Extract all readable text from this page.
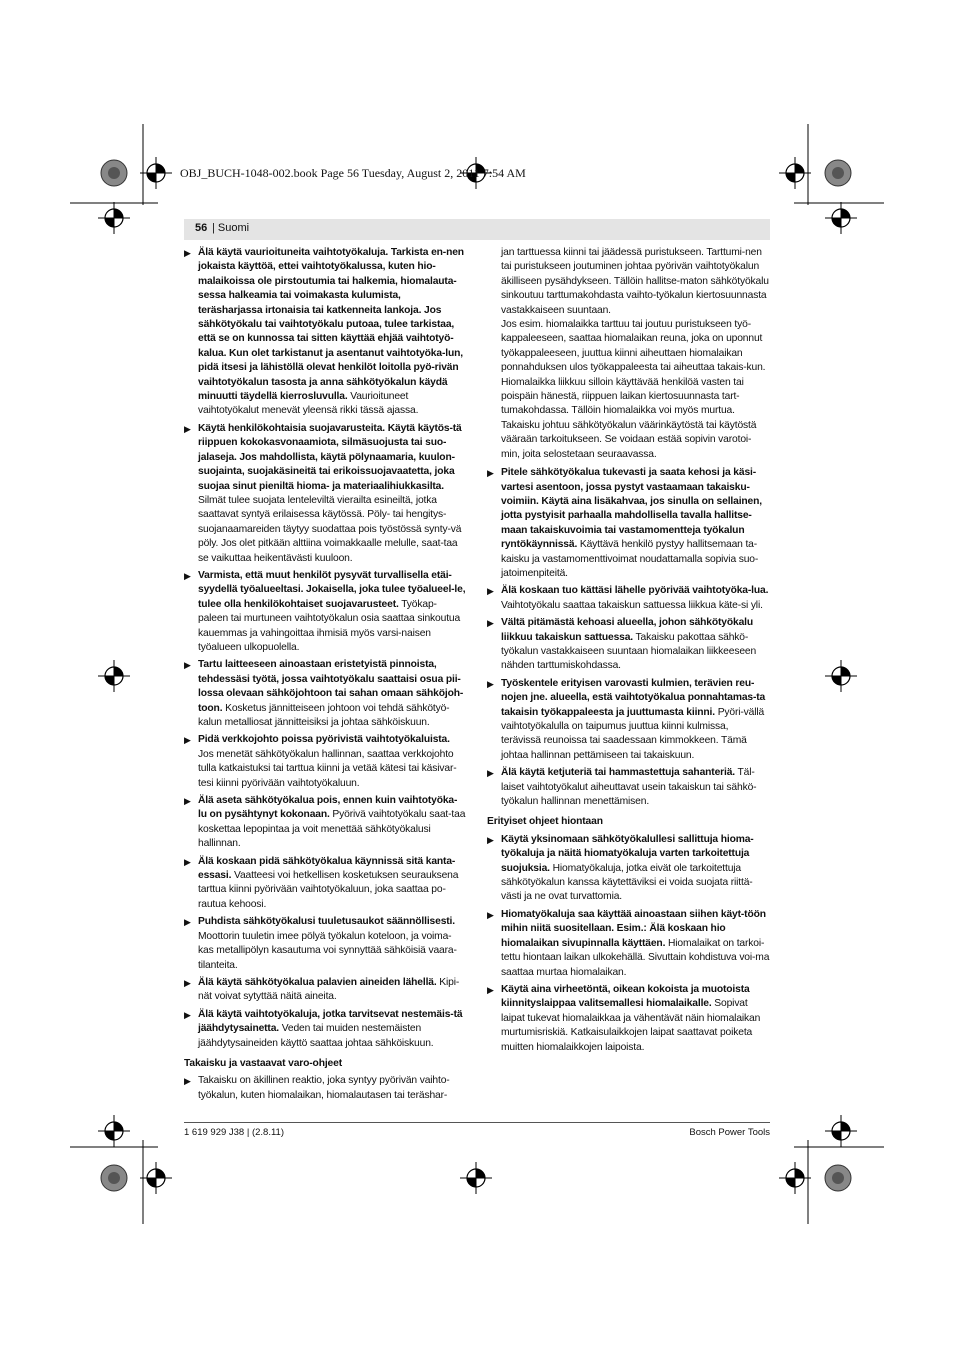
OBJ_BUCH-1048-002.book Page 56 Tuesday, August 2, 2011 7:54 AM
56 | Suomi
▶ Älä käytä vaurioituneita vaihtotyökaluja. Tarkista en-nen jokaista käyttöä, ettei vaihtotyökalussa, kuten hio-malaikoissa ole pirstoutumia tai halkemia, hiomalauta-sessa halkeamia tai voimakasta kulumista, teräsharjassa irtonaisia tai katkenneita lankoja. Jos sähkötyökalu tai vaihtotyökalu putoaa, tulee tarkistaa, että se on kunnossa tai sitten käyttää ehjää vaihtotyö-kalua. Kun olet tarkistanut ja asentanut vaihtotyöka-lun, pidä itsesi ja lähistöllä olevat henkilöt loitolla pyö-rivän vaihtotyökalun tasosta ja anna sähkötyökalun käydä minuutti täydellä kierrosluvulla. Vaurioituneet vaihtotyökalut menevät yleensä rikki tässä ajassa.
▶ Käytä henkilökohtaisia suojavarusteita. Käytä käytös-tä riippuen kokokasvonaamiota, silmäsuojusta tai suo-jalaseja. Jos mahdollista, käytä pölynaamaria, kuulon-suojainta, suojakäsineitä tai erikoissuojavaatetta, joka suojaa sinut pieniltä hioma- ja materiaalihiukkasilta. Silmät tulee suojata lenteleviltä vierailta esineiltä, jotka saattavat syntyä erilaisessa käytössä. Pöly- tai hengitys-suojanaamareiden täytyy suodattaa pois työstössä synty-vä pöly. Jos olet pitkään alttiina voimakkaalle melulle, saat-taa se vaikuttaa heikentävästi kuuloon.
▶ Varmista, että muut henkilöt pysyvät turvallisella etäi-syydellä työalueeltasi. Jokaisella, joka tulee työalueel-le, tulee olla henkilökohtaiset suojavarusteet. Työkap-paleen tai murtuneen vaihtotyökalun osia saattaa sinkoutua kauemmas ja vahingoittaa ihmisiä myös varsi-naisen työalueen ulkopuolella.
▶ Tartu laitteeseen ainoastaan eristetyistä pinnoista, tehdessäsi työtä, jossa vaihtotyökalu saattaisi osua pii-lossa olevaan sähköjohtoon tai sahan omaan sähköjoh-toon. Kosketus jännitteiseen johtoon voi tehdä sähkötyö-kalun metalliosat jännitteisiksi ja johtaa sähköiskuun.
▶ Pidä verkkojohto poissa pyörivistä vaihtotyökaluista. Jos menetät sähkötyökalun hallinnan, saattaa verkkojohto tulla katkaistuksi tai tarttua kiinni ja vetää kätesi tai käsivar-tesi kiinni pyörivään vaihtotyökaluun.
▶ Älä aseta sähkötyökalua pois, ennen kuin vaihtotyöka-lu on pysähtynyt kokonaan. Pyörivä vaihtotyökalu saat-taa koskettaa lepopintaa ja voit menettää sähkötyökalusi hallinnan.
▶ Älä koskaan pidä sähkötyökalua käynnissä sitä kanta-essasi. Vaatteesi voi hetkellisen kosketuksen seurauksena tarttua kiinni pyörivään vaihtotyökaluun, joka saattaa po-rautua kehoosi.
▶ Puhdista sähkötyökalusi tuuletusaukot säännöllisesti. Moottorin tuuletin imee pölyä työkalun koteloon, ja voima-kas metallipölyn kasautuma voi synnyttää sähköisiä vaara-tilanteita.
▶ Älä käytä sähkötyökalua palavien aineiden lähellä. Kipi-nät voivat sytyttää näitä aineita.
▶ Älä käytä vaihtotyökaluja, jotka tarvitsevat nestemäis-tä jäähdytysainetta. Veden tai muiden nestemäisten jäähdytysaineiden käyttö saattaa johtaa sähköiskuun.
Takaisku ja vastaavat varo-ohjeet
▶ Takaisku on äkillinen reaktio, joka syntyy pyörivän vaihto-työkalun, kuten hiomalaikan, hiomalautasen tai teräshar-
jan tarttuessa kiinni tai jäädessä puristukseen. Tarttumi-nen tai puristukseen joutuminen johtaa pyörivän vaihtotyökalun äkilliseen pysähdykseen. Tällöin hallitse-maton sähkötyökalu sinkoutuu tarttumakohdasta vaihto-työkalun kiertosuunnasta vastakkaiseen suuntaan.
Jos esim. hiomalaikka tarttuu tai joutuu puristukseen työ-kappaleeseen, saattaa hiomalaikan reuna, joka on uponnut työkappaleeseen, juuttua kiinni aiheuttaen hiomalaikan ponnahduksen ulos työkappaleesta tai aiheuttaa takais-kun. Hiomalaikka liikkuu silloin käyttävää henkilöä vasten tai poispäin hänestä, riippuen laikan kiertosuunnasta tart-tumakohdassa. Tällöin hiomalaikka voi myös murtua.
Takaisku johtuu sähkötyökalun väärinkäytöstä tai käytöstä vääraän tarkoitukseen. Se voidaan estää sopivin varotoi-min, joita selostetaan seuraavassa.
▶ Pitele sähkötyökalua tukevasti ja saata kehosi ja käsi-vartesi asentoon, jossa pystyt vastaamaan takaisku-voimiin. Käytä aina lisäkahvaa, jos sinulla on sellainen, jotta pystyisit parhaalla mahdollisella tavalla hallitse-maan takaiskuvoimia tai vastamomentteja työkalun ryntökäynnissä. Käyttävä henkilö pystyy hallitsemaan ta-kaisku ja vastamomenttivoimat noudattamalla sopivia suo-jatoimenpiteitä.
▶ Älä koskaan tuo kättäsi lähelle pyörivää vaihtotyöka-lua. Vaihtotyökalu saattaa takaiskun sattuessa liikkua käte-si yli.
▶ Vältä pitämästä kehoasi alueella, johon sähkötyökalu liikkuu takaiskun sattuessa. Takaisku pakottaa sähkö-työkalun vastakkaiseen suuntaan hiomalaikan liikkeeseen nähden tarttumiskohdassa.
▶ Työskentele erityisen varovasti kulmien, terävien reu-nojen jne. alueella, estä vaihtotyökalua ponnahtamas-ta takaisin työkappaleesta ja juuttumasta kiinni. Pyöri-vällä vaihtotyökalulla on taipumus juuttua kiinni kulmissa, terävissä reunoissa tai saadessaan kimmokkeen. Tämä johtaa hallinnan pettämiseen tai takaiskuun.
▶ Älä käytä ketjuteriä tai hammastettuja sahanteriä. Täl-laiset vaihtotyökalut aiheuttavat usein takaiskun tai sähkö-työkalun hallinnan menettämisen.
Erityiset ohjeet hiontaan
▶ Käytä yksinomaan sähkötyökalullesi sallittuja hioma-työkaluja ja näitä hiomatyökaluja varten tarkoitettuja suojuksia. Hiomatyökaluja, jotka eivät ole tarkoitettuja sähkötyökalun kanssa käytettäviksi ei voida suojata riittä-västi ja ne ovat turvattomia.
▶ Hiomatyökaluja saa käyttää ainoastaan siihen käyt-töön mihin niitä suositellaan. Esim.: Älä koskaan hio hiomalaikan sivupinnalla käyttäen. Hiomalaikat on tarkoi-tettu hiontaan laikan ulkokehällä. Sivuttain kohdistuva voi-ma saattaa murtaa hiomalaikan.
▶ Käytä aina virheetöntä, oikean kokoista ja muotoista kiinnityslaippaa valitsemallesi hiomalaikalle. Sopivat laipat tukevat hiomalaikkaa ja vähentävät näin hiomalaikan murtumisriskiä. Katkaisulaikkojen laipat saattavat poiketa muitten hiomalaikkojen laipoista.
1 619 929 J38 | (2.8.11)	Bosch Power Tools
